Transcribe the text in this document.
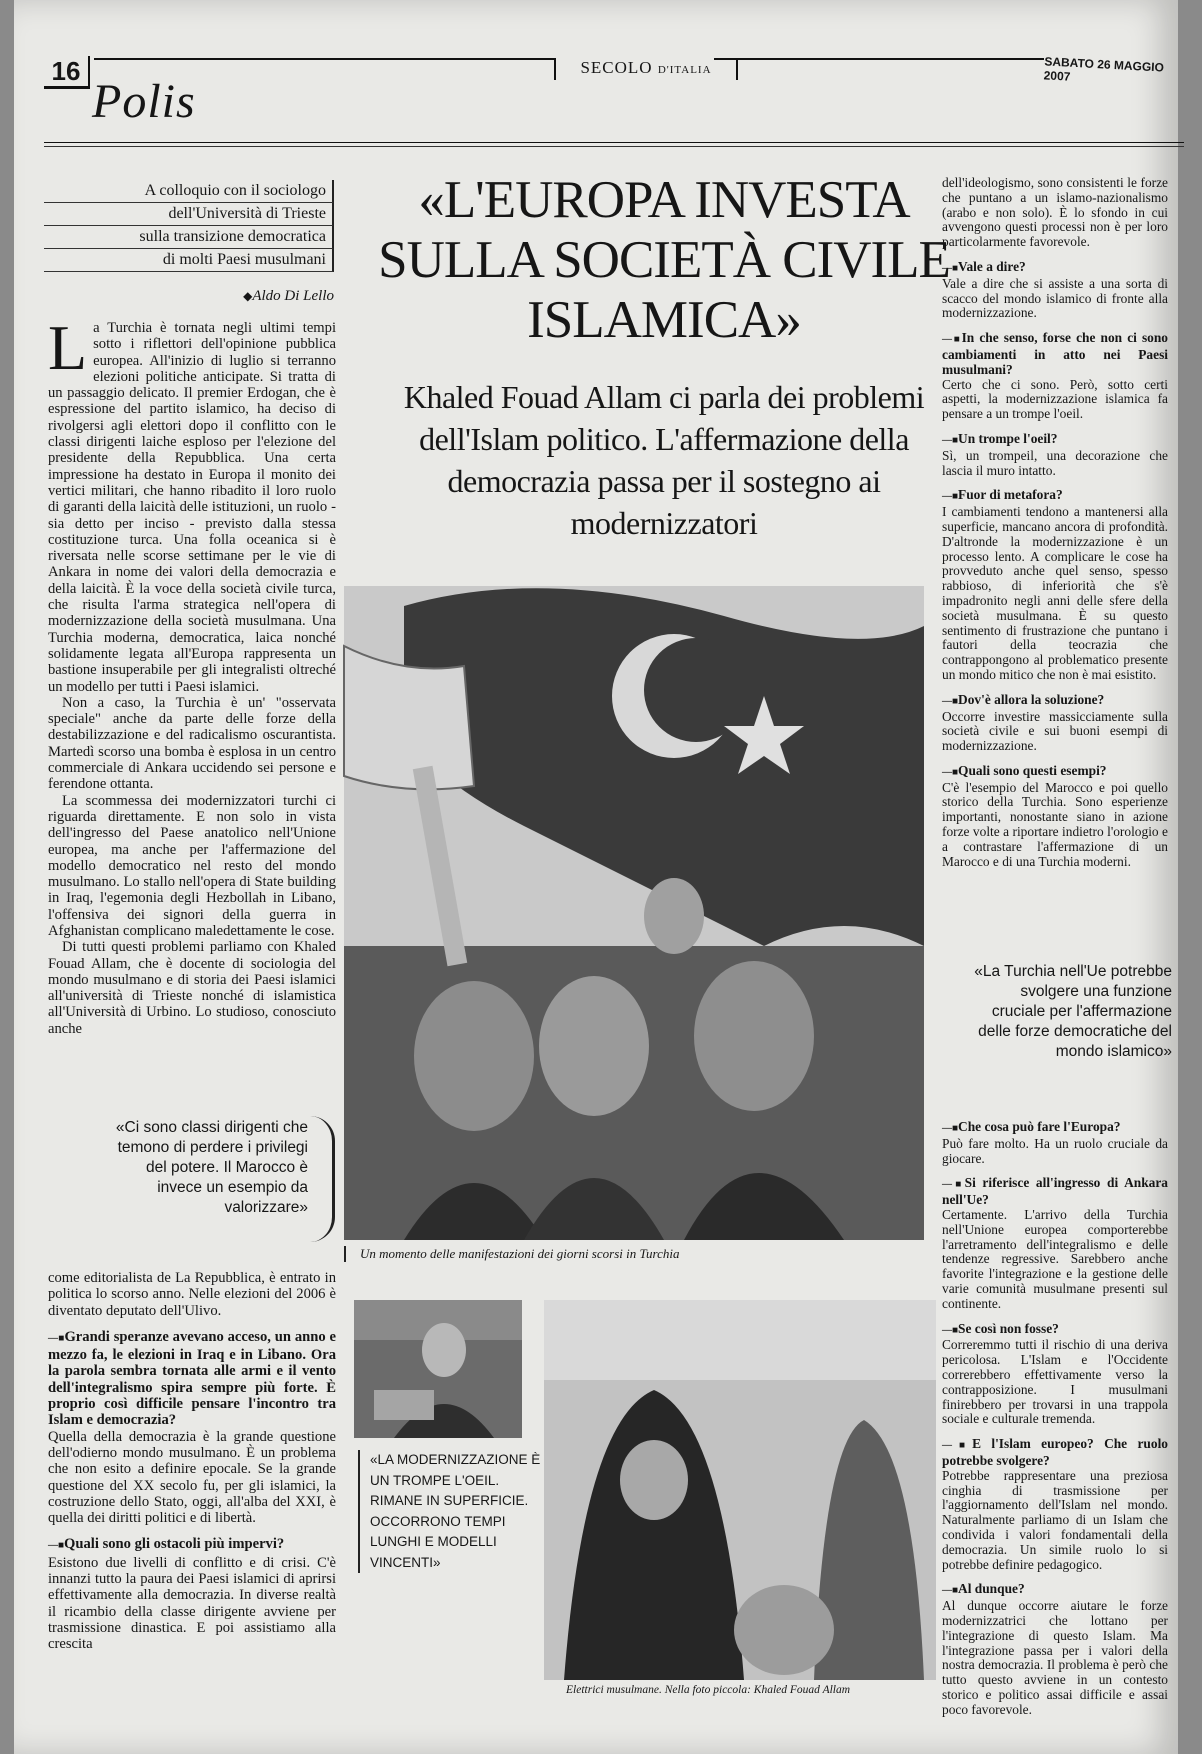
16	SECOLO D'ITALIA	SABATO 26 MAGGIO 2007
Polis
A colloquio con il sociologo
dell'Università di Trieste
sulla transizione democratica
di molti Paesi musulmani
◆ Aldo Di Lello

La Turchia è tornata negli ultimi tempi sotto i riflettori dell'opinione pubblica europea. All'inizio di luglio si terranno elezioni politiche anticipate. Si tratta di un passaggio delicato. Il premier Erdogan, che è espressione del partito islamico, ha deciso di rivolgersi agli elettori dopo il conflitto con le classi dirigenti laiche esploso per l'elezione del presidente della Repubblica. Una certa impressione ha destato in Europa il monito dei vertici militari, che hanno ribadito il loro ruolo di garanti della laicità delle istituzioni, un ruolo - sia detto per inciso - previsto dalla stessa costituzione turca. Una folla oceanica si è riversata nelle scorse settimane per le vie di Ankara in nome dei valori della democrazia e della laicità. È la voce della società civile turca, che risulta l'arma strategica nell'opera di modernizzazione della società musulmana. Una Turchia moderna, democratica, laica nonché solidamente legata all'Europa rappresenta un bastione insuperabile per gli integralisti oltreché un modello per tutti i Paesi islamici.

Non a caso, la Turchia è un' "osservata speciale" anche da parte delle forze della destabilizzazione e del radicalismo oscurantista. Martedì scorso una bomba è esplosa in un centro commerciale di Ankara uccidendo sei persone e ferendone ottanta.

La scommessa dei modernizzatori turchi ci riguarda direttamente. E non solo in vista dell'ingresso del Paese anatolico nell'Unione europea, ma anche per l'affermazione del modello democratico nel resto del mondo musulmano. Lo stallo nell'opera di State building in Iraq, l'egemonia degli Hezbollah in Libano, l'offensiva dei signori della guerra in Afghanistan complicano maledettamente le cose.

Di tutti questi problemi parliamo con Khaled Fouad Allam, che è docente di sociologia del mondo musulmano e di storia dei Paesi islamici all'università di Trieste nonché di islamistica all'Università di Urbino. Lo studioso, conosciuto anche

«Ci sono classi dirigenti che temono di perdere i privilegi del potere. Il Marocco è invece un esempio da valorizzare»

come editorialista de La Repubblica, è entrato in politica lo scorso anno. Nelle elezioni del 2006 è diventato deputato dell'Ulivo.

—■ Grandi speranze avevano acceso, un anno e mezzo fa, le elezioni in Iraq e in Libano. Ora la parola sembra tornata alle armi e il vento dell'integralismo spira sempre più forte. È proprio così difficile pensare l'incontro tra Islam e democrazia?

Quella della democrazia è la grande questione dell'odierno mondo musulmano. È un problema che non esito a definire epocale. Se la grande questione del XX secolo fu, per gli islamici, la costruzione dello Stato, oggi, all'alba del XXI, è quella dei diritti politici e di libertà.

—■ Quali sono gli ostacoli più impervi?

Esistono due livelli di conflitto e di crisi. C'è innanzi tutto la paura dei Paesi islamici di aprirsi effettivamente alla democrazia. In diverse realtà il ricambio della classe dirigente avviene per trasmissione dinastica. E poi assistiamo alla crescita

«L'EUROPA INVESTA SULLA SOCIETÀ CIVILE ISLAMICA»
Khaled Fouad Allam ci parla dei problemi dell'Islam politico. L'affermazione della democrazia passa per il sostegno ai modernizzatori
Un momento delle manifestazioni dei giorni scorsi in Turchia
«LA MODERNIZZAZIONE È UN TROMPE L'OEIL. RIMANE IN SUPERFICIE. OCCORRONO TEMPI LUNGHI E MODELLI VINCENTI»
Elettrici musulmane. Nella foto piccola: Khaled Fouad Allam

dell'ideologismo, sono consistenti le forze che puntano a un islamo-nazionalismo (arabo e non solo). È lo sfondo in cui avvengono questi processi non è per loro particolarmente favorevole.

—■ Vale a dire?

Vale a dire che si assiste a una sorta di scacco del mondo islamico di fronte alla modernizzazione.

—■ In che senso, forse che non ci sono cambiamenti in atto nei Paesi musulmani?

Certo che ci sono. Però, sotto certi aspetti, la modernizzazione islamica fa pensare a un trompe l'oeil.

—■ Un trompe l'oeil?

Sì, un trompeil, una decorazione che lascia il muro intatto.

—■ Fuor di metafora?

I cambiamenti tendono a mantenersi alla superficie, mancano ancora di profondità. D'altronde la modernizzazione è un processo lento. A complicare le cose ha provveduto anche quel senso, spesso rabbioso, di inferiorità che s'è impadronito negli anni delle sfere della società musulmana. È su questo sentimento di frustrazione che puntano i fautori della teocrazia che contrappongono al problematico presente un mondo mitico che non è mai esistito.

—■ Dov'è allora la soluzione?

Occorre investire massicciamente sulla società civile e sui buoni esempi di modernizzazione.

—■ Quali sono questi esempi?

C'è l'esempio del Marocco e poi quello storico della Turchia. Sono esperienze importanti, nonostante siano in azione forze volte a riportare indietro l'orologio e a contrastare l'affermazione di un Marocco e di una Turchia moderni.

«La Turchia nell'Ue potrebbe svolgere una funzione cruciale per l'affermazione delle forze democratiche del mondo islamico»

—■ Che cosa può fare l'Europa?

Può fare molto. Ha un ruolo cruciale da giocare.

—■ Si riferisce all'ingresso di Ankara nell'Ue?

Certamente. L'arrivo della Turchia nell'Unione europea comporterebbe l'arretramento dell'integralismo e delle tendenze regressive. Sarebbero anche favorite l'integrazione e la gestione delle varie comunità musulmane presenti sul continente.

—■ Se così non fosse?

Correremmo tutti il rischio di una deriva pericolosa. L'Islam e l'Occidente correrebbero effettivamente verso la contrapposizione. I musulmani finirebbero per trovarsi in una trappola sociale e culturale tremenda.

—■ E l'Islam europeo? Che ruolo potrebbe svolgere?

Potrebbe rappresentare una preziosa cinghia di trasmissione per l'aggiornamento dell'Islam nel mondo. Naturalmente parliamo di un Islam che condivida i valori fondamentali della democrazia. Un simile ruolo lo si potrebbe definire pedagogico.

—■ Al dunque?

Al dunque occorre aiutare le forze modernizzatrici che lottano per l'integrazione di questo Islam. Ma l'integrazione passa per i valori della nostra democrazia. Il problema è però che tutto questo avviene in un contesto storico e politico assai difficile e assai poco favorevole.
